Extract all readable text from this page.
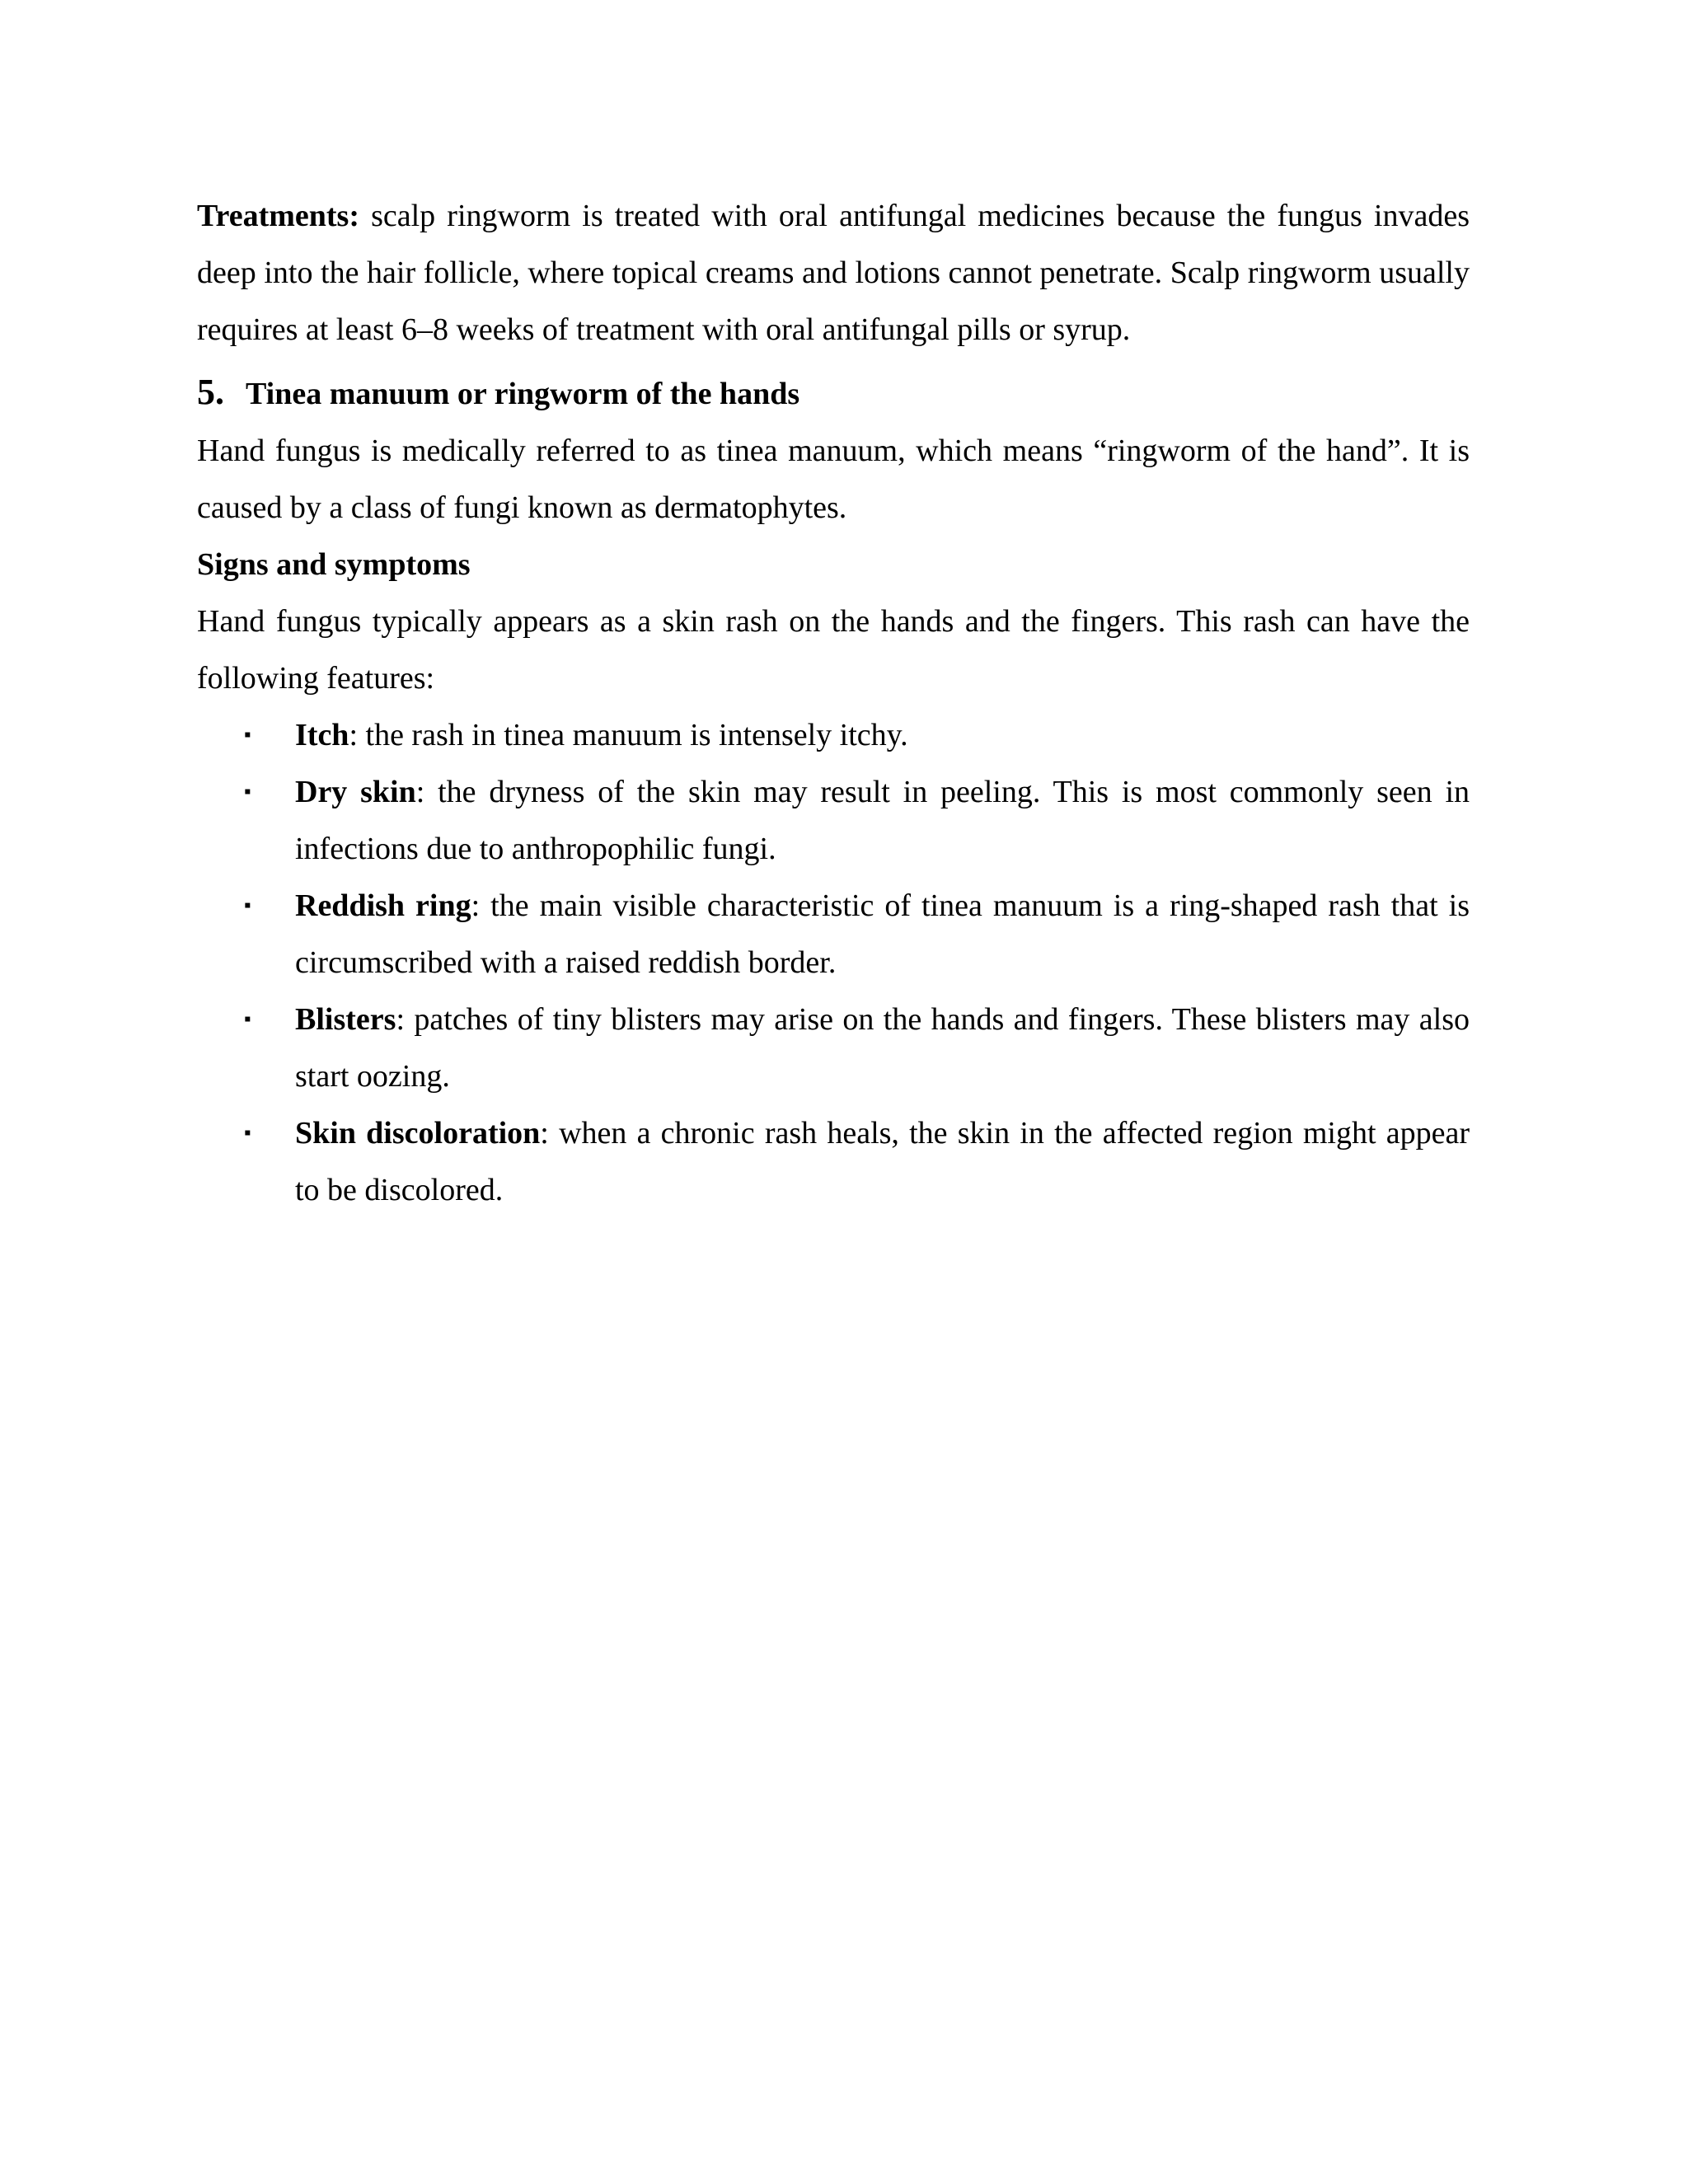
Treatments: scalp ringworm is treated with oral antifungal medicines because the fungus invades deep into the hair follicle, where topical creams and lotions cannot penetrate. Scalp ringworm usually requires at least 6–8 weeks of treatment with oral antifungal pills or syrup.

5. Tinea manuum or ringworm of the hands

Hand fungus is medically referred to as tinea manuum, which means “ringworm of the hand”. It is caused by a class of fungi known as dermatophytes.

Signs and symptoms

Hand fungus typically appears as a skin rash on the hands and the fingers. This rash can have the following features:

▪ Itch: the rash in tinea manuum is intensely itchy.
▪ Dry skin: the dryness of the skin may result in peeling. This is most commonly seen in infections due to anthropophilic fungi.
▪ Reddish ring: the main visible characteristic of tinea manuum is a ring-shaped rash that is circumscribed with a raised reddish border.
▪ Blisters: patches of tiny blisters may arise on the hands and fingers. These blisters may also start oozing.
▪ Skin discoloration: when a chronic rash heals, the skin in the affected region might appear to be discolored.
